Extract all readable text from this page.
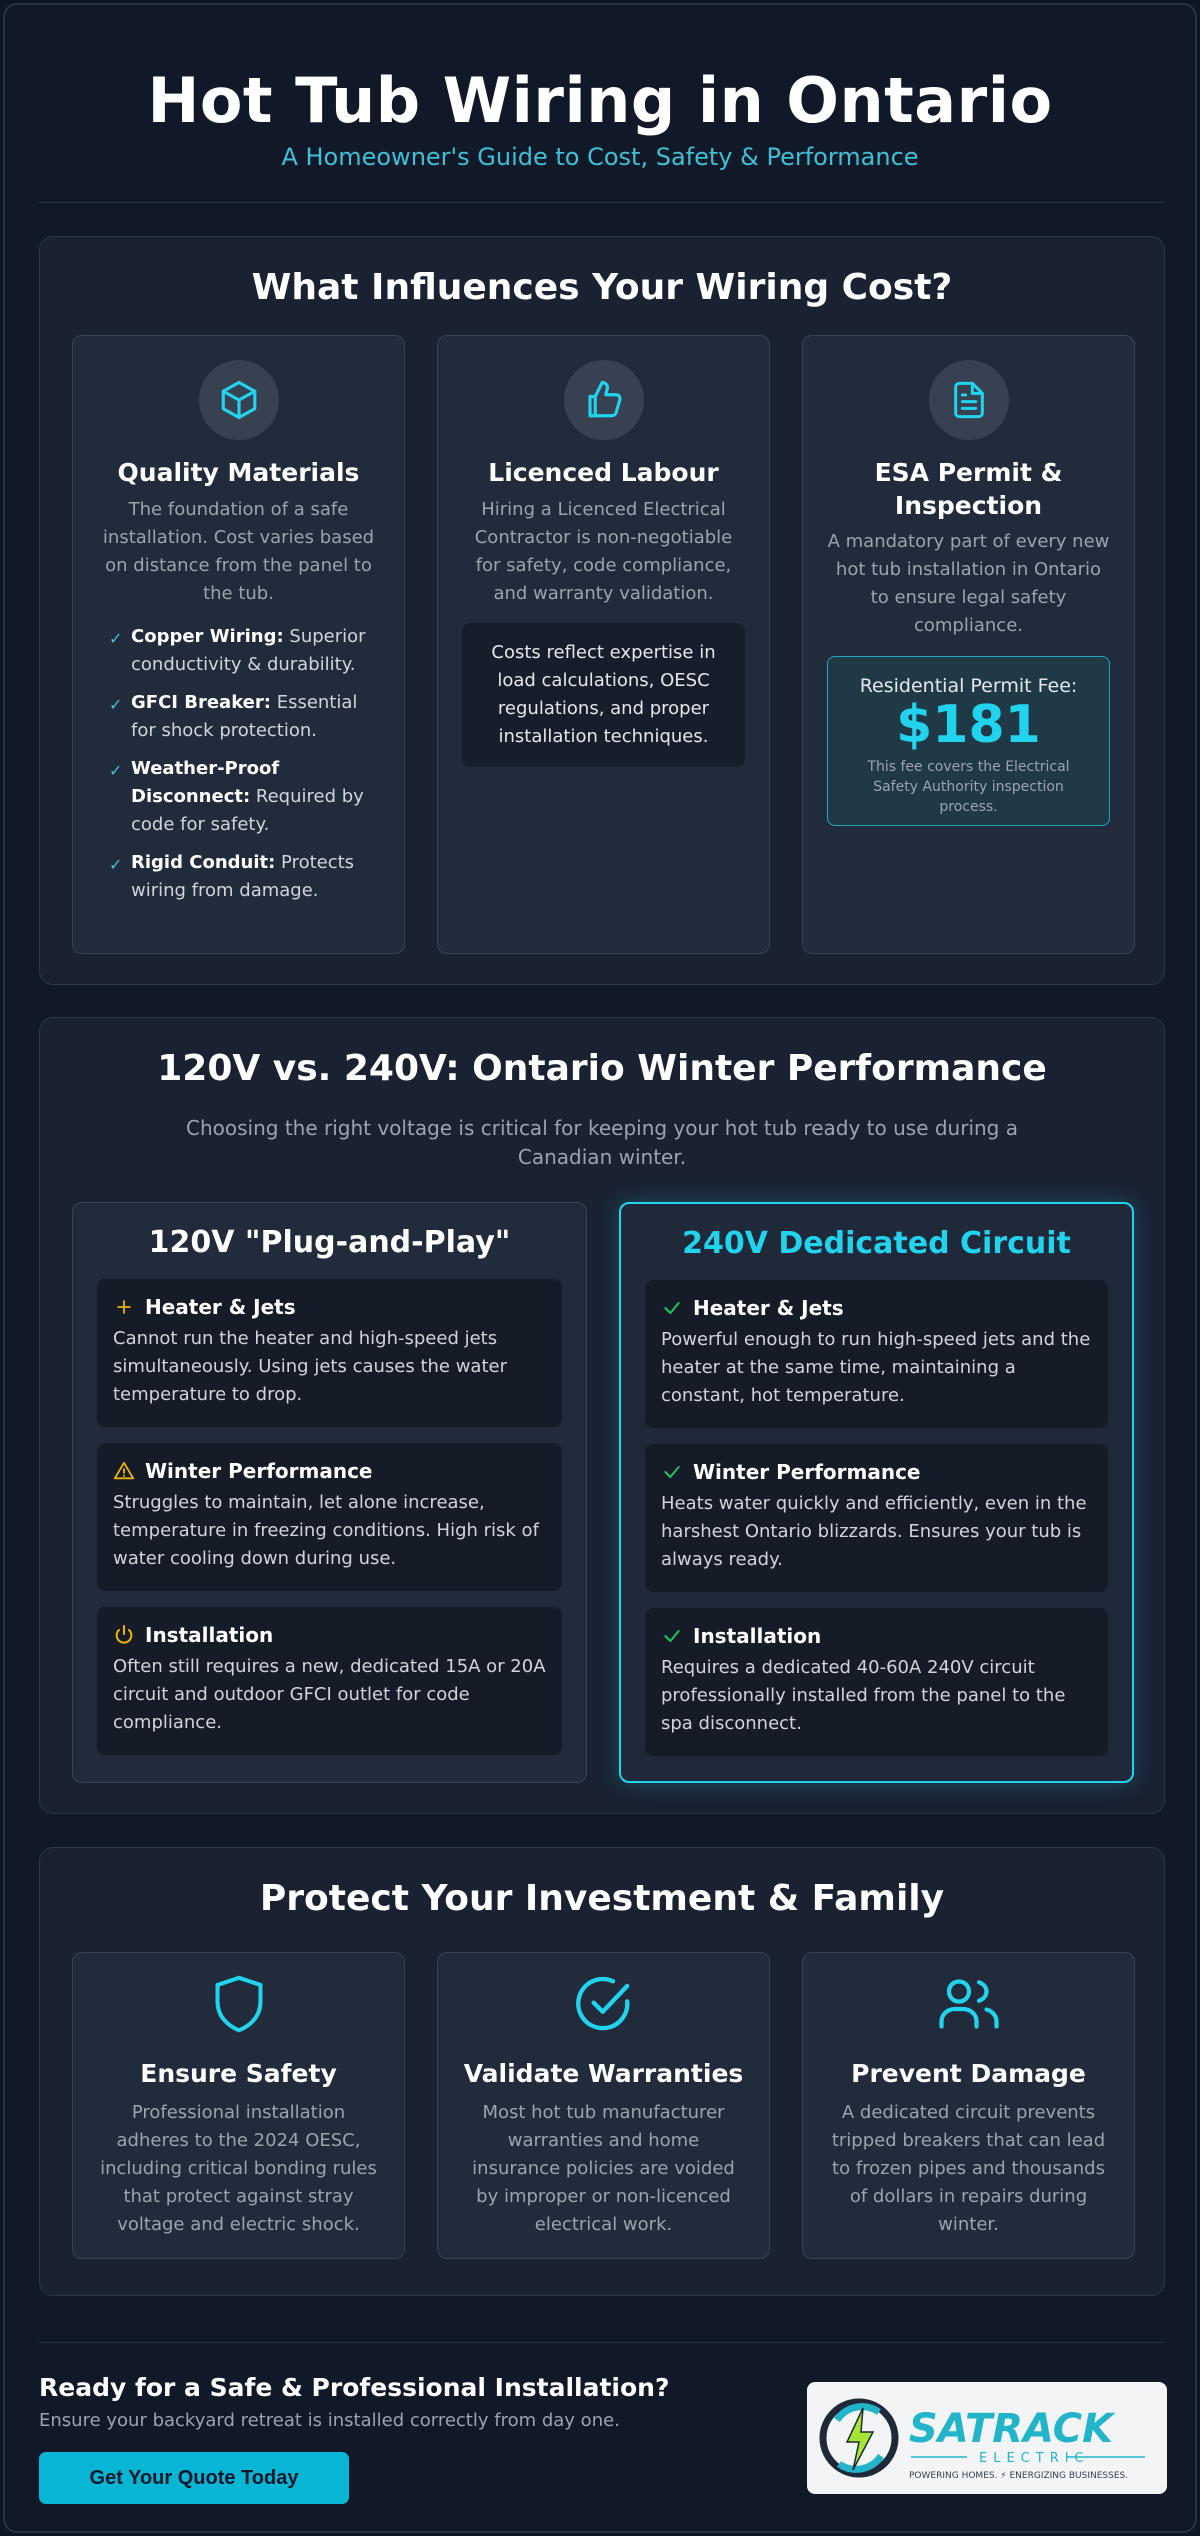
Hot Tub Wiring in Ontario
A Homeowner's Guide to Cost, Safety & Performance
What Influences Your Wiring Cost?
Quality Materials
The foundation of a safe installation. Cost varies based on distance from the panel to the tub.
✓ Copper Wiring: Superior conductivity & durability.
✓ GFCI Breaker: Essential for shock protection.
✓ Weather-Proof Disconnect: Required by code for safety.
✓ Rigid Conduit: Protects wiring from damage.
Licenced Labour
Hiring a Licenced Electrical Contractor is non-negotiable for safety, code compliance, and warranty validation.
Costs reflect expertise in load calculations, OESC regulations, and proper installation techniques.
ESA Permit &
Inspection
A mandatory part of every new hot tub installation in Ontario to ensure legal safety compliance.
Residential Permit Fee:
$181
This fee covers the Electrical Safety Authority inspection process.
120V vs. 240V: Ontario Winter Performance
Choosing the right voltage is critical for keeping your hot tub ready to use during a Canadian winter.
120V "Plug-and-Play"
Heater & Jets
Cannot run the heater and high-speed jets simultaneously. Using jets causes the water temperature to drop.
Winter Performance
Struggles to maintain, let alone increase, temperature in freezing conditions. High risk of water cooling down during use.
Installation
Often still requires a new, dedicated 15A or 20A circuit and outdoor GFCI outlet for code compliance.
240V Dedicated Circuit
Heater & Jets
Powerful enough to run high-speed jets and the heater at the same time, maintaining a constant, hot temperature.
Winter Performance
Heats water quickly and efficiently, even in the harshest Ontario blizzards. Ensures your tub is always ready.
Installation
Requires a dedicated 40-60A 240V circuit professionally installed from the panel to the spa disconnect.
Protect Your Investment & Family
Ensure Safety
Professional installation adheres to the 2024 OESC, including critical bonding rules that protect against stray voltage and electric shock.
Validate Warranties
Most hot tub manufacturer warranties and home insurance policies are voided by improper or non-licenced electrical work.
Prevent Damage
A dedicated circuit prevents tripped breakers that can lead to frozen pipes and thousands of dollars in repairs during winter.
Ready for a Safe & Professional Installation?
Ensure your backyard retreat is installed correctly from day one.
Get Your Quote Today
SATRACK
ELECTRIC
POWERING HOMES. ⚡ ENERGIZING BUSINESSES.
